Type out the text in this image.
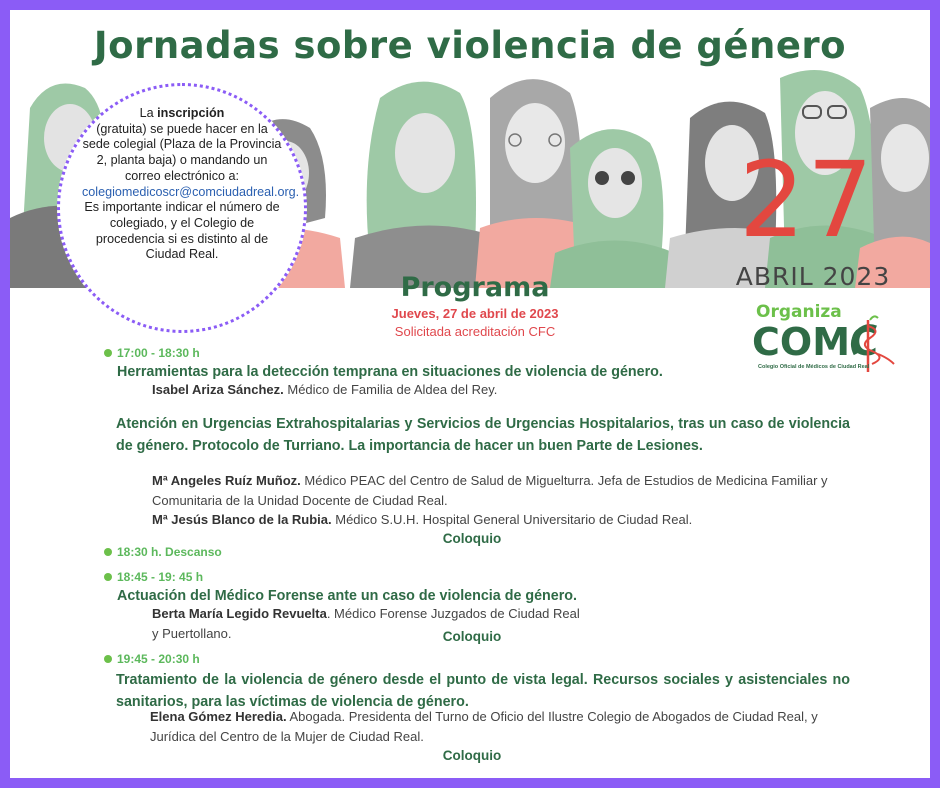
Jornadas sobre violencia de género
La inscripción
(gratuita) se puede hacer en la sede colegial (Plaza de la Provincia 2, planta baja) o mandando un correo electrónico a:
colegiomedicoscr@comciudadreal.org.
Es importante indicar el número de colegiado, y el Colegio de procedencia si es distinto al de Ciudad Real.
Programa
Jueves, 27 de abril de 2023
Solicitada acreditación CFC
27
ABRIL 2023
Organiza
COMC
Colegio Oficial de Médicos de Ciudad Real
17:00 - 18:30 h
Herramientas para la detección temprana en situaciones de violencia de género.
Isabel Ariza Sánchez. Médico de Familia de Aldea del Rey.
Atención en Urgencias Extrahospitalarias y Servicios de Urgencias Hospitalarios, tras un caso de violencia de género. Protocolo de Turriano. La importancia de hacer un buen Parte de Lesiones.
Mª Angeles Ruíz Muñoz. Médico PEAC del Centro de Salud de Miguelturra. Jefa de Estudios de Medicina Familiar y Comunitaria de la Unidad Docente de Ciudad Real.
Mª Jesús Blanco de la Rubia. Médico S.U.H. Hospital General Universitario de Ciudad Real.
Coloquio
18:30 h. Descanso
18:45 - 19: 45 h
Actuación del Médico Forense ante un caso de violencia de género.
Berta María Legido Revuelta. Médico Forense Juzgados de Ciudad Real
y Puertollano.	Coloquio
19:45 - 20:30 h
Tratamiento de la violencia de género desde el punto de vista legal. Recursos sociales y asistenciales no sanitarios, para las víctimas de violencia de género.
Elena Gómez Heredia. Abogada. Presidenta del Turno de Oficio del Ilustre Colegio de Abogados de Ciudad Real, y Jurídica del Centro de la Mujer de Ciudad Real.
Coloquio
